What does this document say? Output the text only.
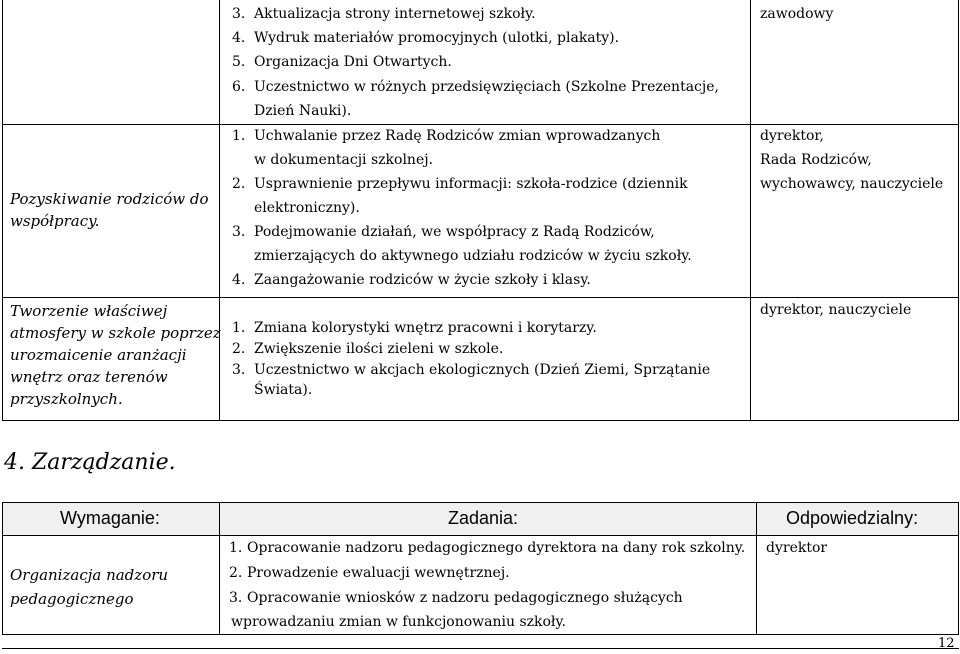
3. Aktualizacja strony internetowej szkoły.
4. Wydruk materiałów promocyjnych (ulotki, plakaty).
5. Organizacja Dni Otwartych.
6. Uczestnictwo w różnych przedsięwzięciach (Szkolne Prezentacje,
Dzień Nauki).
zawodowy
Pozyskiwanie rodziców do
współpracy.
1. Uchwalanie przez Radę Rodziców zmian wprowadzanych
w dokumentacji szkolnej.
2. Usprawnienie przepływu informacji: szkoła-rodzice (dziennik
elektroniczny).
3. Podejmowanie działań, we współpracy z Radą Rodziców,
zmierzających do aktywnego udziału rodziców w życiu szkoły.
4. Zaangażowanie rodziców w życie szkoły i klasy.
dyrektor,
Rada Rodziców,
wychowawcy, nauczyciele
Tworzenie właściwej
atmosfery w szkole poprzez
urozmaicenie aranżacji
wnętrz oraz terenów
przyszkolnych.
1. Zmiana kolorystyki wnętrz pracowni i korytarzy.
2. Zwiększenie ilości zieleni w szkole.
3. Uczestnictwo w akcjach ekologicznych (Dzień Ziemi, Sprzątanie
Świata).
dyrektor, nauczyciele
4. Zarządzanie.
Wymaganie:	Zadania:	Odpowiedzialny:
Organizacja nadzoru
pedagogicznego
1. Opracowanie nadzoru pedagogicznego dyrektora na dany rok szkolny.
2. Prowadzenie ewaluacji wewnętrznej.
3. Opracowanie wniosków z nadzoru pedagogicznego służących
wprowadzaniu zmian w funkcjonowaniu szkoły.
dyrektor
12
